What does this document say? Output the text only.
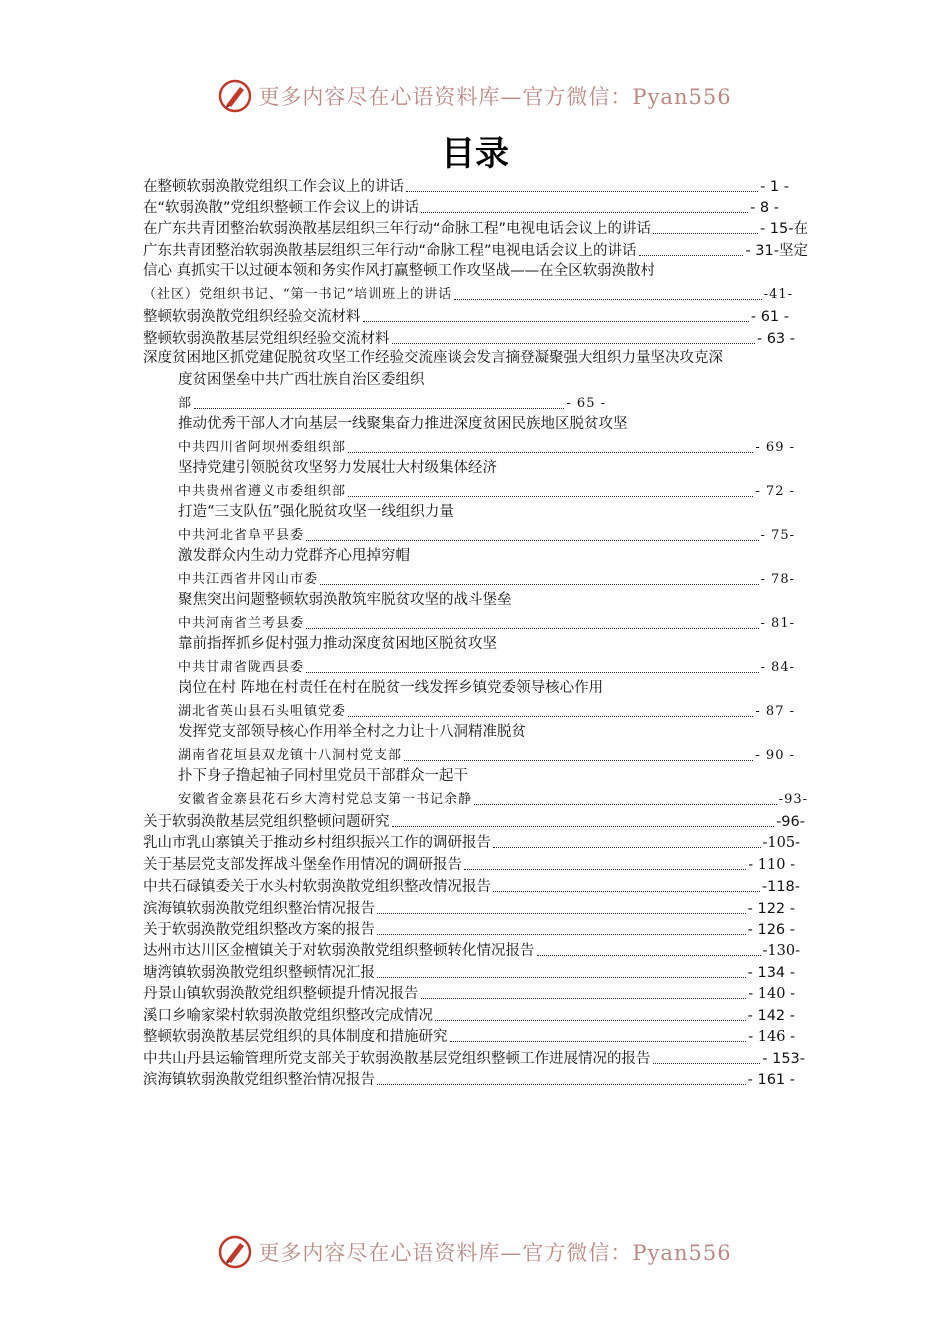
更多内容尽在心语资料库—官方微信：Pyan556
目录
在整顿软弱涣散党组织工作会议上的讲话	- 1 -
在“软弱涣散”党组织整顿工作会议上的讲话	- 8 -
在广东共青团整治软弱涣散基层组织三年行动“命脉工程”电视电话会议上的讲话	- 15-在
广东共青团整治软弱涣散基层组织三年行动“命脉工程”电视电话会议上的讲话	- 31-坚定
信心 真抓实干以过硬本领和务实作风打赢整顿工作攻坚战——在全区软弱涣散村
（社区）党组织书记、“第一书记”培训班上的讲话	-41-
整顿软弱涣散党组织经验交流材料	- 61 -
整顿软弱涣散基层党组织经验交流材料	- 63 -
深度贫困地区抓党建促脱贫攻坚工作经验交流座谈会发言摘登凝聚强大组织力量坚决攻克深
度贫困堡垒中共广西壮族自治区委组织
部	- 65 -
推动优秀干部人才向基层一线聚集奋力推进深度贫困民族地区脱贫攻坚
中共四川省阿坝州委组织部	- 69 -
坚持党建引领脱贫攻坚努力发展壮大村级集体经济
中共贵州省遵义市委组织部	- 72 -
打造“三支队伍”强化脱贫攻坚一线组织力量
中共河北省阜平县委	- 75-
激发群众内生动力党群齐心甩掉穷帽
中共江西省井冈山市委	- 78-
聚焦突出问题整顿软弱涣散筑牢脱贫攻坚的战斗堡垒
中共河南省兰考县委	- 81-
靠前指挥抓乡促村强力推动深度贫困地区脱贫攻坚
中共甘肃省陇西县委	- 84-
岗位在村 阵地在村责任在村在脱贫一线发挥乡镇党委领导核心作用
湖北省英山县石头咀镇党委	- 87 -
发挥党支部领导核心作用举全村之力让十八洞精准脱贫
湖南省花垣县双龙镇十八洞村党支部	- 90 -
扑下身子撸起袖子同村里党员干部群众一起干
安徽省金寨县花石乡大湾村党总支第一书记余静	-93-
关于软弱涣散基层党组织整顿问题研究	-96-
乳山市乳山寨镇关于推动乡村组织振兴工作的调研报告	-105-
关于基层党支部发挥战斗堡垒作用情况的调研报告	- 110 -
中共石碌镇委关于水头村软弱涣散党组织整改情况报告	-118-
滨海镇软弱涣散党组织整治情况报告	- 122 -
关于软弱涣散党组织整改方案的报告	- 126 -
达州市达川区金檀镇关于对软弱涣散党组织整顿转化情况报告	-130-
塘湾镇软弱涣散党组织整顿情况汇报	- 134 -
丹景山镇软弱涣散党组织整顿提升情况报告	- 140 -
溪口乡喻家梁村软弱涣散党组织整改完成情况	- 142 -
整顿软弱涣散基层党组织的具体制度和措施研究	- 146 -
中共山丹县运输管理所党支部关于软弱涣散基层党组织整顿工作进展情况的报告	- 153-
滨海镇软弱涣散党组织整治情况报告	- 161 -
更多内容尽在心语资料库—官方微信：Pyan556
